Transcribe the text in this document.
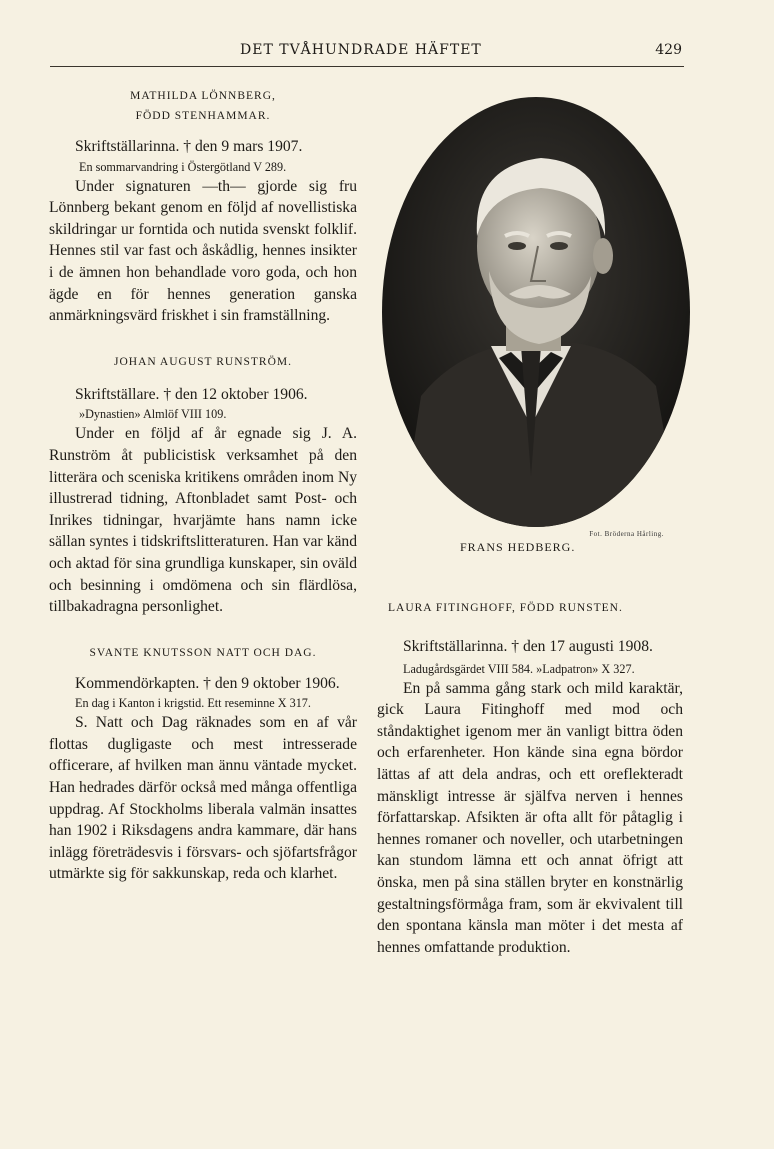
DET TVÅHUNDRADE HÄFTET	429
MATHILDA LÖNNBERG,
FÖDD STENHAMMAR.

Skriftställarinna. † den 9 mars 1907.

En sommarvandring i Östergötland V 289.

Under signaturen —th— gjorde sig fru Lönnberg bekant genom en följd af novellistiska skildringar ur forntida och nutida svenskt folklif. Hennes stil var fast och åskådlig, hennes insikter i de ämnen hon behandlade voro goda, och hon ägde en för hennes generation ganska anmärkningsvärd friskhet i sin framställning.

JOHAN AUGUST RUNSTRÖM.

Skriftställare. † den 12 oktober 1906.

»Dynastien» Almlöf VIII 109.

Under en följd af år egnade sig J. A. Runström åt publicistisk verksamhet på den litterära och sceniska kritikens områden inom Ny illustrerad tidning, Aftonbladet samt Post- och Inrikes tidningar, hvarjämte hans namn icke sällan syntes i tidskriftslitteraturen. Han var känd och aktad för sina grundliga kunskaper, sin oväld och besinning i omdömena och sin flärdlösa, tillbakadragna personlighet.

SVANTE KNUTSSON NATT OCH DAG.

Kommendörkapten. † den 9 oktober 1906.

En dag i Kanton i krigstid. Ett reseminne X 317.

S. Natt och Dag räknades som en af vår flottas dugligaste och mest intresserade officerare, af hvilken man ännu väntade mycket. Han hedrades därför också med många offentliga uppdrag. Af Stockholms liberala valmän insattes han 1902 i Riksdagens andra kammare, där hans inlägg företrädesvis i försvars- och sjöfartsfrågor utmärkte sig för sakkunskap, reda och klarhet.

Fot. Bröderna Hårling.
FRANS HEDBERG.
LAURA FITINGHOFF, FÖDD RUNSTEN.

Skriftställarinna. † den 17 augusti 1908.

Ladugårdsgärdet VIII 584. »Ladpatron» X 327.

En på samma gång stark och mild karaktär, gick Laura Fitinghoff med mod och ståndaktighet igenom mer än vanligt bittra öden och erfarenheter. Hon kände sina egna bördor lättas af att dela andras, och ett oreflekteradt mänskligt intresse är själfva nerven i hennes författarskap. Afsikten är ofta allt för påtaglig i hennes romaner och noveller, och utarbetningen kan stundom lämna ett och annat öfrigt att önska, men på sina ställen bryter en konstnärlig gestaltningsförmåga fram, som är ekvivalent till den spontana känsla man möter i det mesta af hennes omfattande produktion.
